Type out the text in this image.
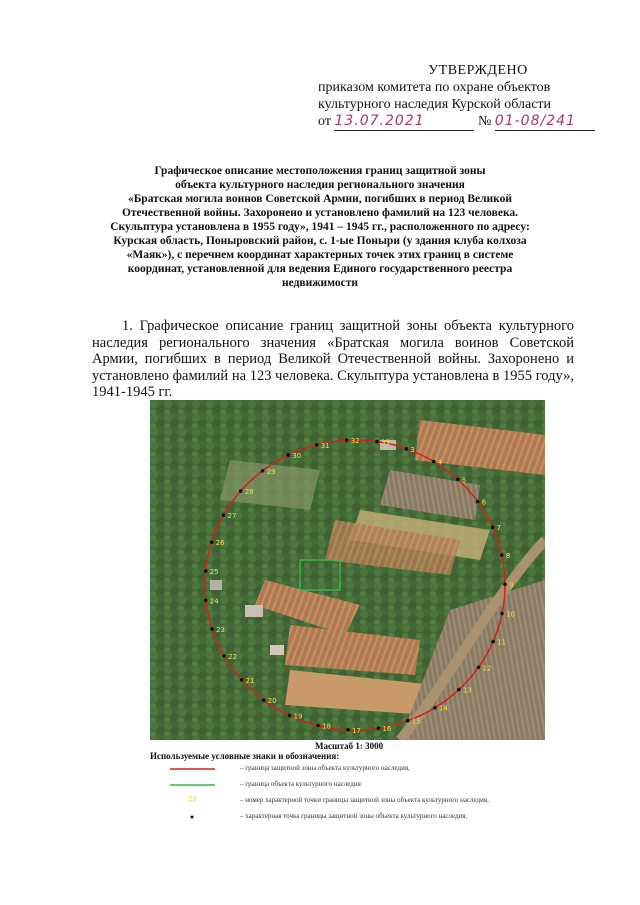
УТВЕРЖДЕНО
приказом комитета по охране объектов
культурного наследия Курской области
от 13.07.2021	№ 01-08/241
Графическое описание местоположения границ защитной зоны
объекта культурного наследия регионального значения
«Братская могила воинов Советской Армии, погибших в период Великой
Отечественной войны. Захоронено и установлено фамилий на 123 человека.
Скульптура установлена в 1955 году», 1941 – 1945 гг., расположенного по адресу:
Курская область, Поныровский район, с. 1-ые Поныри (у здания клуба колхоза
«Маяк»), с перечнем координат характерных точек этих границ в системе
координат, установленной для ведения Единого государственного реестра
недвижимости
1. Графическое описание границ защитной зоны объекта культурного наследия регионального значения «Братская могила воинов Советской Армии, погибших в период Великой Отечественной войны. Захоронено и установлено фамилий на 123 человека. Скульптура установлена в 1955 году», 1941-1945 гг.
3
4
5
6
7
8
9
10
11
12
13
14
15
16
17
18
19
20
21
22
23
24
25
26
27
28
29
30
31
32	33
Масштаб 1: 3000
Используемые условные знаки и обозначения:
– граница защитной зоны объекта культурного наследия,
– граница объекта культурного наследия
23	– номер характерной точки границы защитной зоны объекта культурного наследия,
– характерная точка границы защитной зоны объекта культурного наследия.
